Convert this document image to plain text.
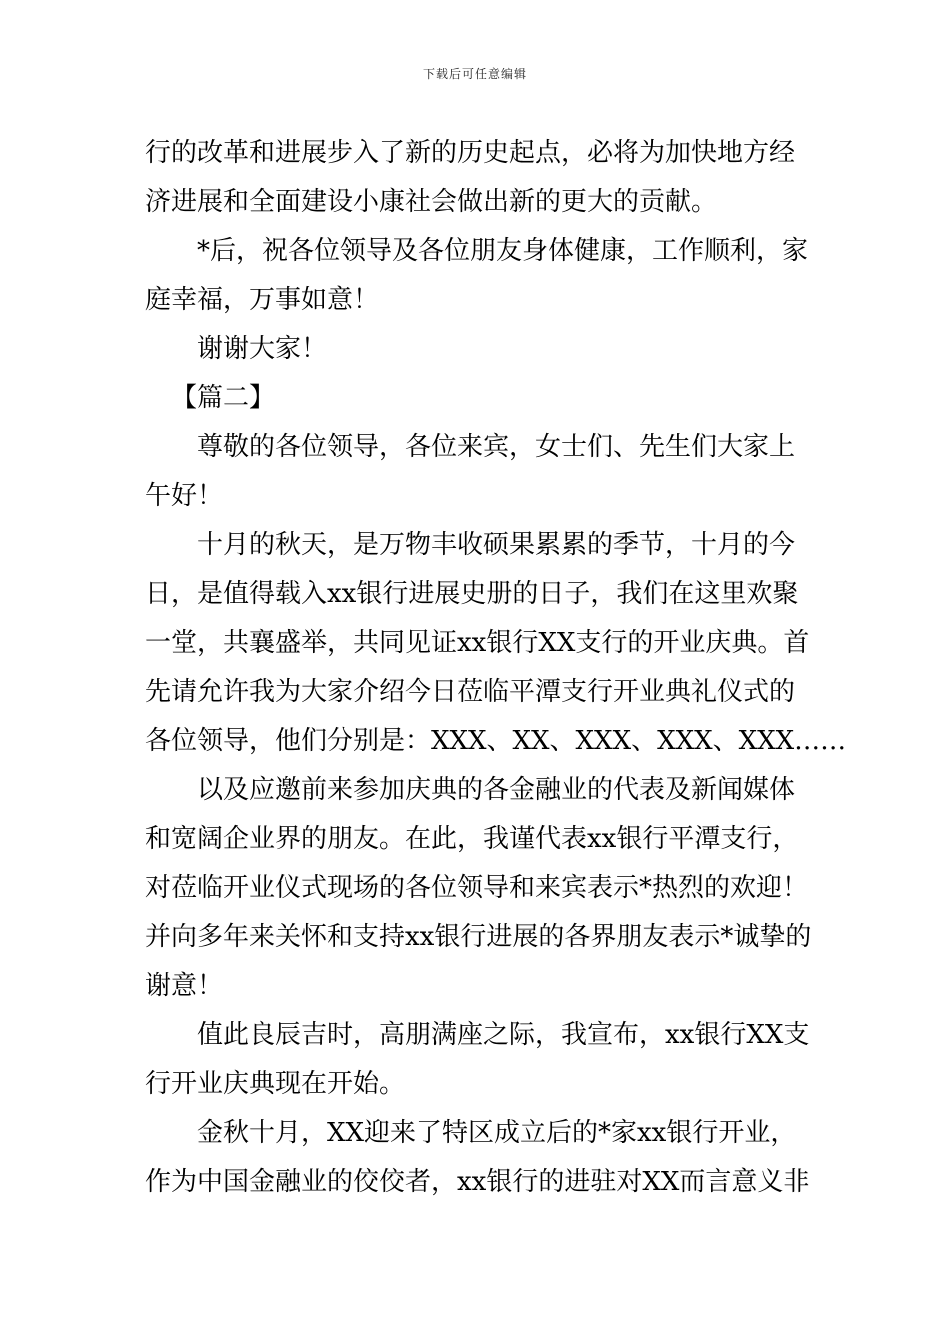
下载后可任意编辑

行的改革和进展步入了新的历史起点，必将为加快地方经
济进展和全面建设小康社会做出新的更大的贡献。

*后，祝各位领导及各位朋友身体健康，工作顺利，家
庭幸福，万事如意！

谢谢大家！

【篇二】

尊敬的各位领导，各位来宾，女士们、先生们大家上
午好！

十月的秋天，是万物丰收硕果累累的季节，十月的今
日，是值得载入xx银行进展史册的日子，我们在这里欢聚
一堂，共襄盛举，共同见证xx银行XX支行的开业庆典。首
先请允许我为大家介绍今日莅临平潭支行开业典礼仪式的
各位领导，他们分别是：XXX、XX、XXX、XXX、XXX……

以及应邀前来参加庆典的各金融业的代表及新闻媒体
和宽阔企业界的朋友。在此，我谨代表xx银行平潭支行，
对莅临开业仪式现场的各位领导和来宾表示*热烈的欢迎！
并向多年来关怀和支持xx银行进展的各界朋友表示*诚挚的
谢意！

值此良辰吉时，高朋满座之际，我宣布，xx银行XX支
行开业庆典现在开始。

金秋十月，XX迎来了特区成立后的*家xx银行开业，
作为中国金融业的佼佼者，xx银行的进驻对XX而言意义非
